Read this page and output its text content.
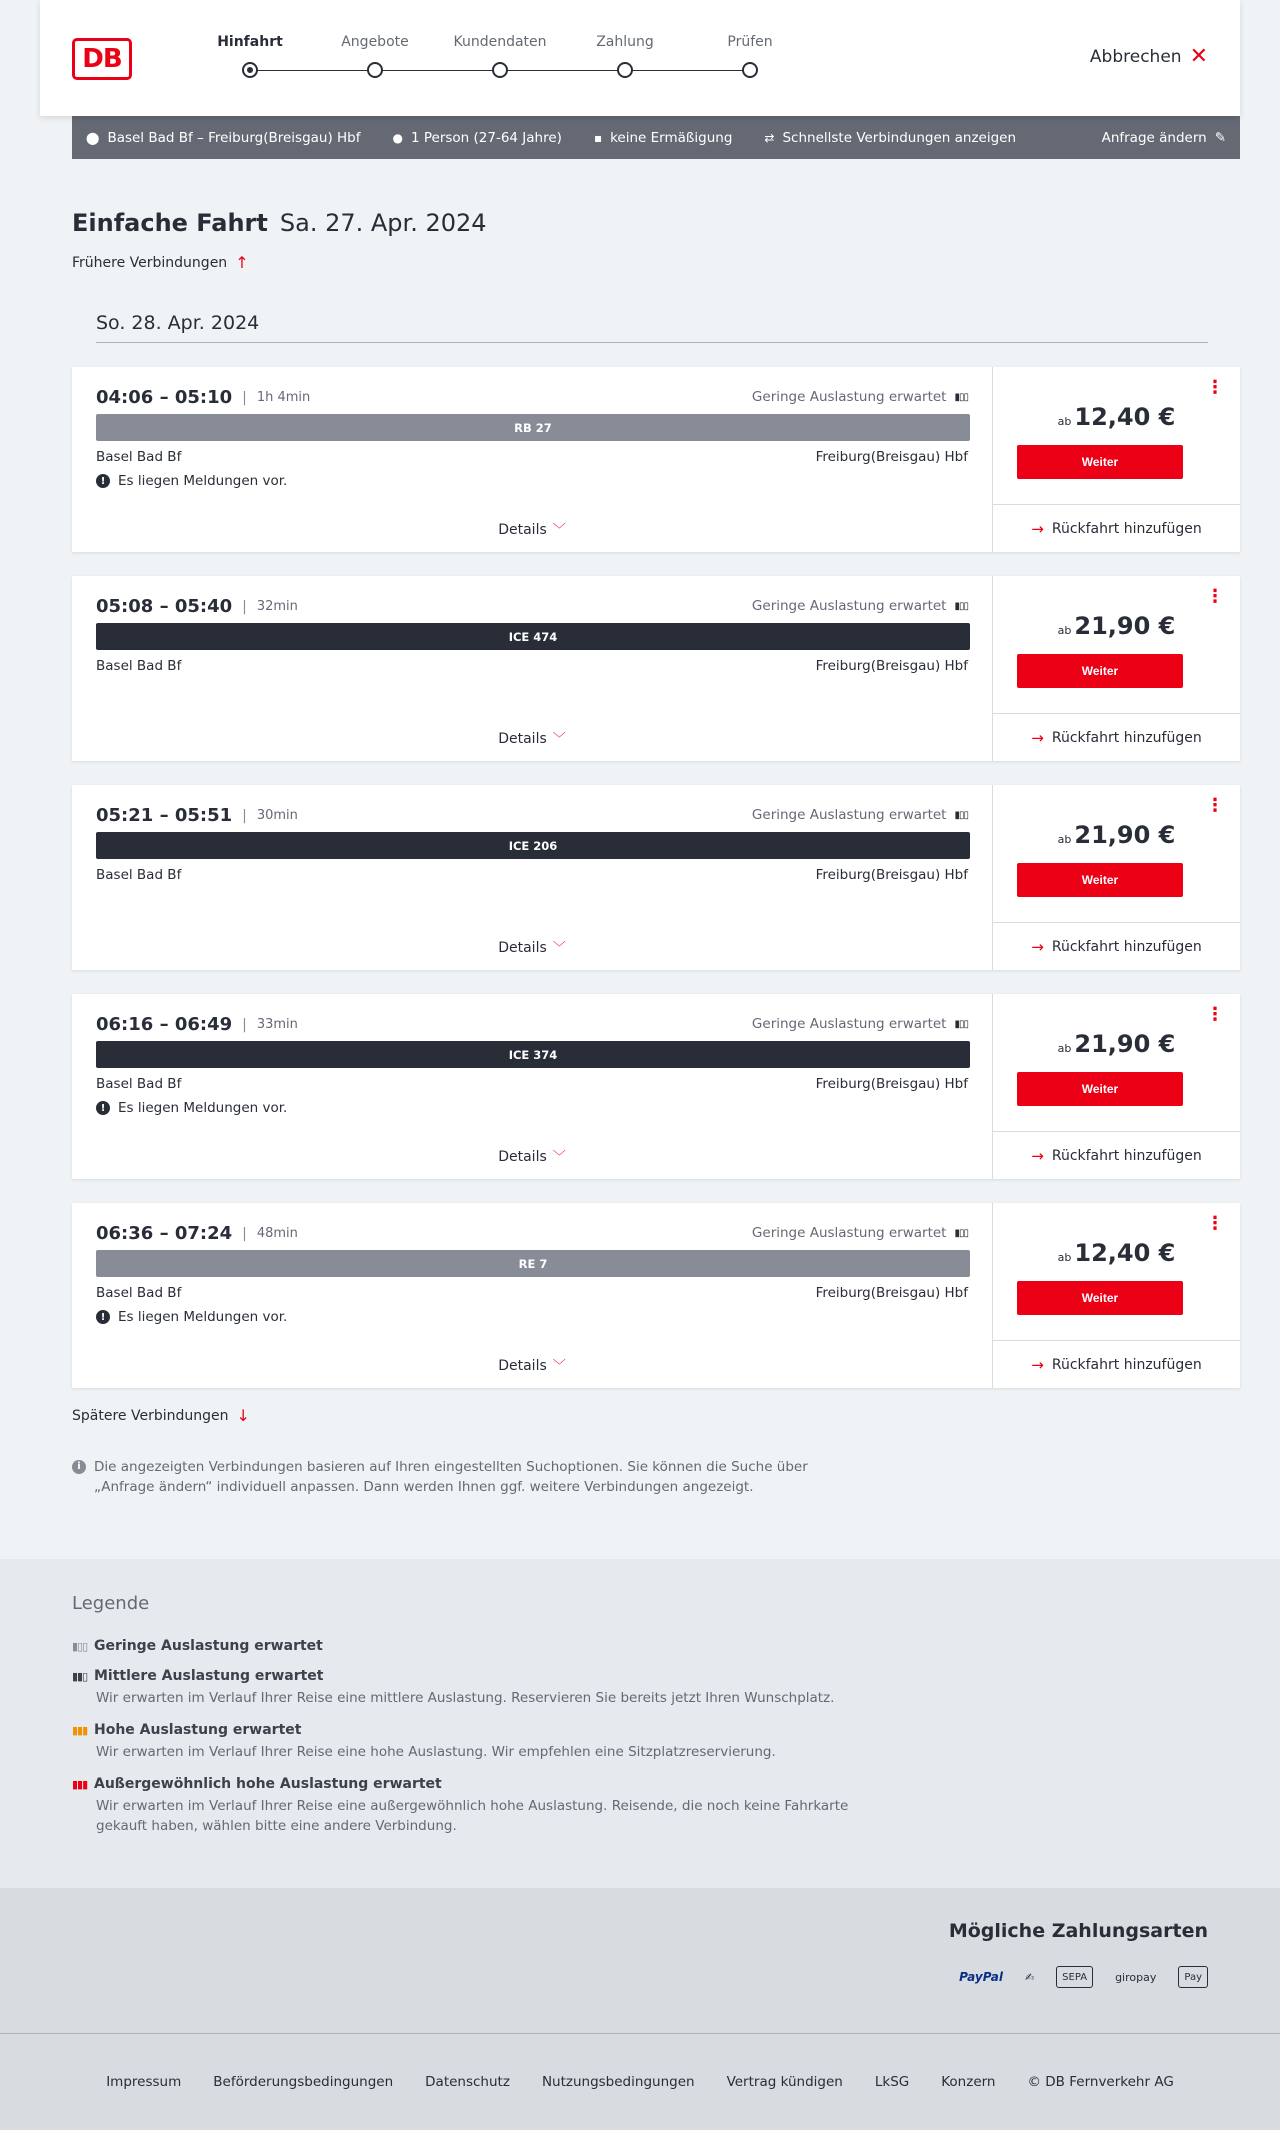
DB
Hinfahrt	Angebote	Kundendaten	Zahlung	Prüfen
Abbrechen ✕
⬤ Basel Bad Bf – Freiburg(Breisgau) Hbf	● 1 Person (27-64 Jahre)	▪ keine Ermäßigung	⇄ Schnellste Verbindungen anzeigen	Anfrage ändern ✎
Einfache Fahrt Sa. 27. Apr. 2024
Frühere Verbindungen ↑
So. 28. Apr. 2024
04:06 – 05:10 | 1h 4min	Geringe Auslastung erwartet ▮▯▯
RB 27
Basel Bad Bf	Freiburg(Breisgau) Hbf
! Es liegen Meldungen vor.
Details ﹀
⋮
ab 12,40 €
Weiter
→ Rückfahrt hinzufügen
05:08 – 05:40 | 32min	Geringe Auslastung erwartet ▮▯▯
ICE 474
Basel Bad Bf	Freiburg(Breisgau) Hbf
Details ﹀
⋮
ab 21,90 €
Weiter
→ Rückfahrt hinzufügen
05:21 – 05:51 | 30min	Geringe Auslastung erwartet ▮▯▯
ICE 206
Basel Bad Bf	Freiburg(Breisgau) Hbf
Details ﹀
⋮
ab 21,90 €
Weiter
→ Rückfahrt hinzufügen
06:16 – 06:49 | 33min	Geringe Auslastung erwartet ▮▯▯
ICE 374
Basel Bad Bf	Freiburg(Breisgau) Hbf
! Es liegen Meldungen vor.
Details ﹀
⋮
ab 21,90 €
Weiter
→ Rückfahrt hinzufügen
06:36 – 07:24 | 48min	Geringe Auslastung erwartet ▮▯▯
RE 7
Basel Bad Bf	Freiburg(Breisgau) Hbf
! Es liegen Meldungen vor.
Details ﹀
⋮
ab 12,40 €
Weiter
→ Rückfahrt hinzufügen
Spätere Verbindungen ↓
i Die angezeigten Verbindungen basieren auf Ihren eingestellten Suchoptionen. Sie können die Suche über „Anfrage ändern“ individuell anpassen. Dann werden Ihnen ggf. weitere Verbindungen angezeigt.
Legende
▮▯▯ Geringe Auslastung erwartet
▮▮▯ Mittlere Auslastung erwartet
Wir erwarten im Verlauf Ihrer Reise eine mittlere Auslastung. Reservieren Sie bereits jetzt Ihren Wunschplatz.
▮▮▮ Hohe Auslastung erwartet
Wir erwarten im Verlauf Ihrer Reise eine hohe Auslastung. Wir empfehlen eine Sitzplatzreservierung.
▮▮▮ Außergewöhnlich hohe Auslastung erwartet
Wir erwarten im Verlauf Ihrer Reise eine außergewöhnlich hohe Auslastung. Reisende, die noch keine Fahrkarte gekauft haben, wählen bitte eine andere Verbindung.
Mögliche Zahlungsarten
PayPal ✍	SEPA	giropay	Pay
Impressum Beförderungsbedingungen Datenschutz Nutzungsbedingungen Vertrag kündigen LkSG Konzern © DB Fernverkehr AG
